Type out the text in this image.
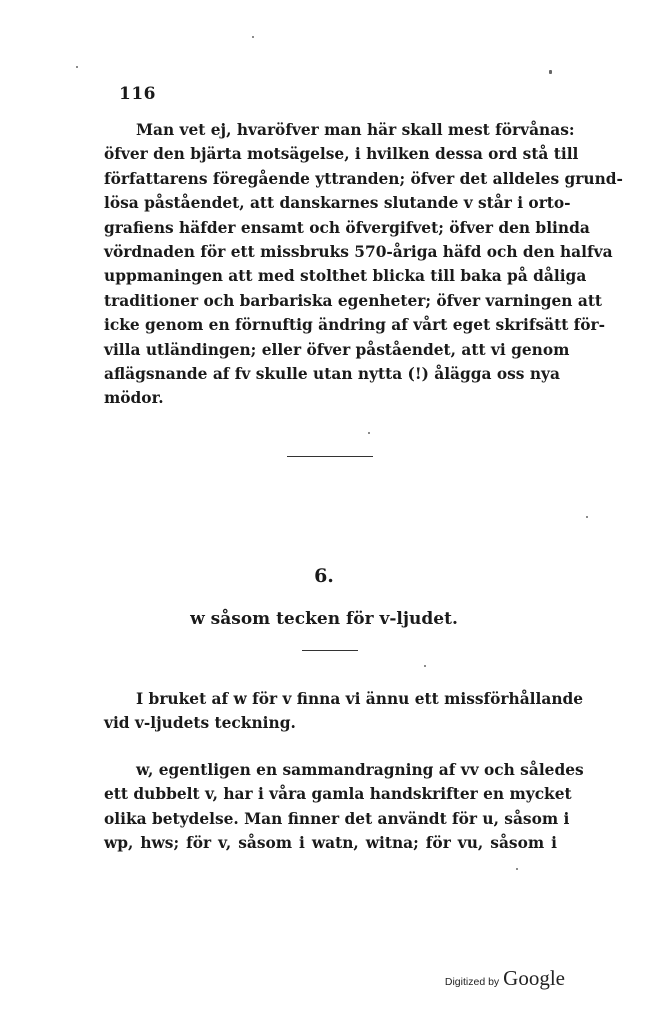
116

Man vet ej, hvaröfver man här skall mest förvånas:
öfver den bjärta motsägelse, i hvilken dessa ord stå till
författarens föregående yttranden; öfver det alldeles grund-
lösa påståendet, att danskarnes slutande v står i orto-
grafiens häfder ensamt och öfvergifvet; öfver den blinda
vördnaden för ett missbruks 570-åriga häfd och den halfva
uppmaningen att med stolthet blicka till baka på dåliga
traditioner och barbariska egenheter; öfver varningen att
icke genom en förnuftig ändring af vårt eget skrifsätt för-
villa utländingen; eller öfver påståendet, att vi genom
aflägsnande af fv skulle utan nytta (!) ålägga oss nya
mödor.

6.
w såsom tecken för v-ljudet.

I bruket af w för v finna vi ännu ett missförhållande
vid v-ljudets teckning.

w, egentligen en sammandragning af vv och således
ett dubbelt v, har i våra gamla handskrifter en mycket
olika betydelse. Man finner det användt för u, såsom i
wp, hws; för v, såsom i watn, witna; för vu, såsom i

Digitized by Google
